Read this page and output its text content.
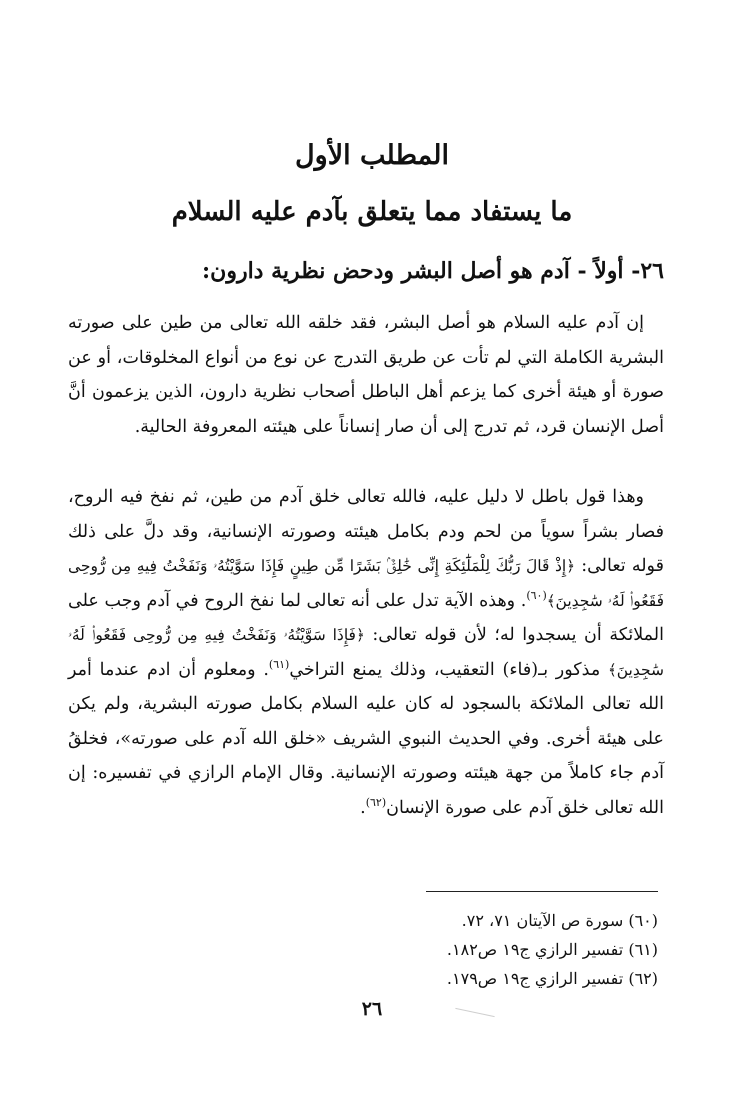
المطلب الأول
ما يستفاد مما يتعلق بآدم عليه السلام
٢٦- أولاً - آدم هو أصل البشر ودحض نظرية دارون:
إن آدم عليه السلام هو أصل البشر، فقد خلقه الله تعالى من طين على صورته البشرية الكاملة التي لم تأت عن طريق التدرج عن نوع من أنواع المخلوقات، أو عن صورة أو هيئة أخرى كما يزعم أهل الباطل أصحاب نظرية دارون، الذين يزعمون أنَّ أصل الإنسان قرد، ثم تدرج إلى أن صار إنساناً على هيئته المعروفة الحالية.
وهذا قول باطل لا دليل عليه، فالله تعالى خلق آدم من طين، ثم نفخ فيه الروح، فصار بشراً سوياً من لحم ودم بكامل هيئته وصورته الإنسانية، وقد دلَّ على ذلك قوله تعالى: ﴿إِذْ قَالَ رَبُّكَ لِلْمَلَٰٓئِكَةِ إِنِّى خَٰلِقٌۢ بَشَرًا مِّن طِينٍ فَإِذَا سَوَّيْتُهُۥ وَنَفَخْتُ فِيهِ مِن رُّوحِى فَقَعُوا۟ لَهُۥ سَٰجِدِينَ﴾$^{(٦٠)}$. وهذه الآية تدل على أنه تعالى لما نفخ الروح في آدم وجب على الملائكة أن يسجدوا له؛ لأن قوله تعالى: ﴿فَإِذَا سَوَّيْتُهُۥ وَنَفَخْتُ فِيهِ مِن رُّوحِى فَقَعُوا۟ لَهُۥ سَٰجِدِينَ﴾ مذكور بـ(فاء) التعقيب، وذلك يمنع التراخي$^{(٦١)}$. ومعلوم أن ادم عندما أمر الله تعالى الملائكة بالسجود له كان عليه السلام بكامل صورته البشرية، ولم يكن على هيئة أخرى. وفي الحديث النبوي الشريف «خلق الله آدم على صورته»، فخلقُ آدم جاء كاملاً من جهة هيئته وصورته الإنسانية. وقال الإمام الرازي في تفسيره: إن الله تعالى خلق آدم على صورة الإنسان$^{(٦٢)}$.
(٦٠) سورة ص الآيتان ٧١، ٧٢.
(٦١) تفسير الرازي ج١٩ ص١٨٢.
(٦٢) تفسير الرازي ج١٩ ص١٧٩.
٢٦
